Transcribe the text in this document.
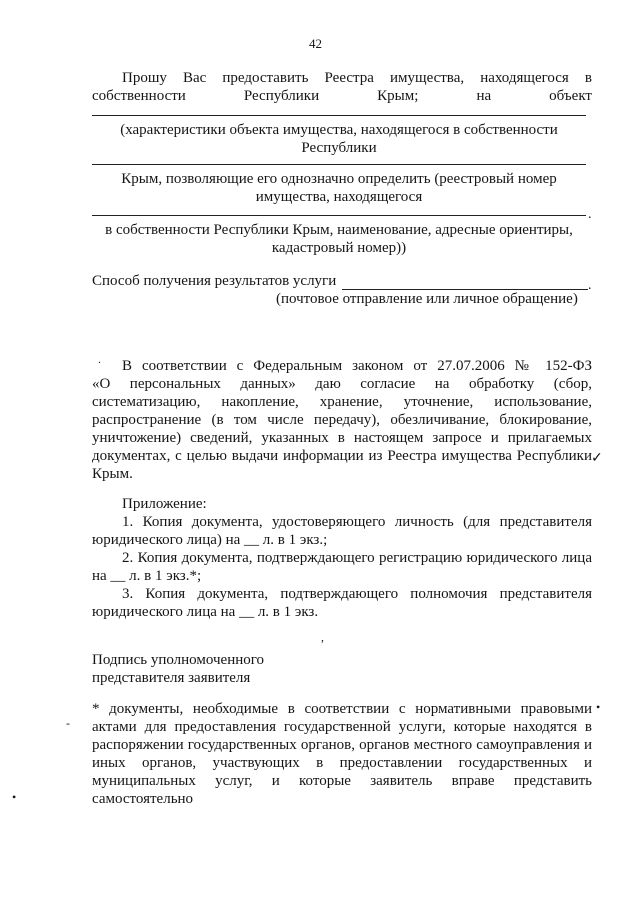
42
Прошу Вас предоставить Реестра имущества, находящегося в
собственности Республики Крым; на объект
(характеристики объекта имущества, находящегося в собственности
Республики
Крым, позволяющие его однозначно определить (реестровый номер
имущества, находящегося
.
в собственности Республики Крым, наименование, адресные ориентиры,
кадастровый номер))
Способ получения результатов услуги	.
(почтовое отправление или личное обращение)
. В соответствии с Федеральным законом от 27.07.2006 № 152-ФЗ
«О персональных данных» даю согласие на обработку (сбор,
систематизацию, накопление, хранение, уточнение, использование,
распространение (в том числе передачу), обезличивание, блокирование,
уничтожение) сведений, указанных в настоящем запросе и прилагаемых
документах, с целью выдачи информации из Реестра имущества Республики
Крым.
✓
Приложение:
1. Копия документа, удостоверяющего личность (для представителя
юридического лица) на __ л. в 1 экз.;
2. Копия документа, подтверждающего регистрацию юридического лица
на __ л. в 1 экз.*;
3. Копия документа, подтверждающего полномочия представителя
юридического лица на __ л. в 1 экз.
,
Подпись уполномоченного
представителя заявителя
* документы, необходимые в соответствии с нормативными правовыми •
актами для предоставления государственной услуги, которые находятся в
-
распоряжении государственных органов, органов местного самоуправления и
иных органов, участвующих в предоставлении государственных и
муниципальных услуг, и которые заявитель вправе представить
самостоятельно
•
